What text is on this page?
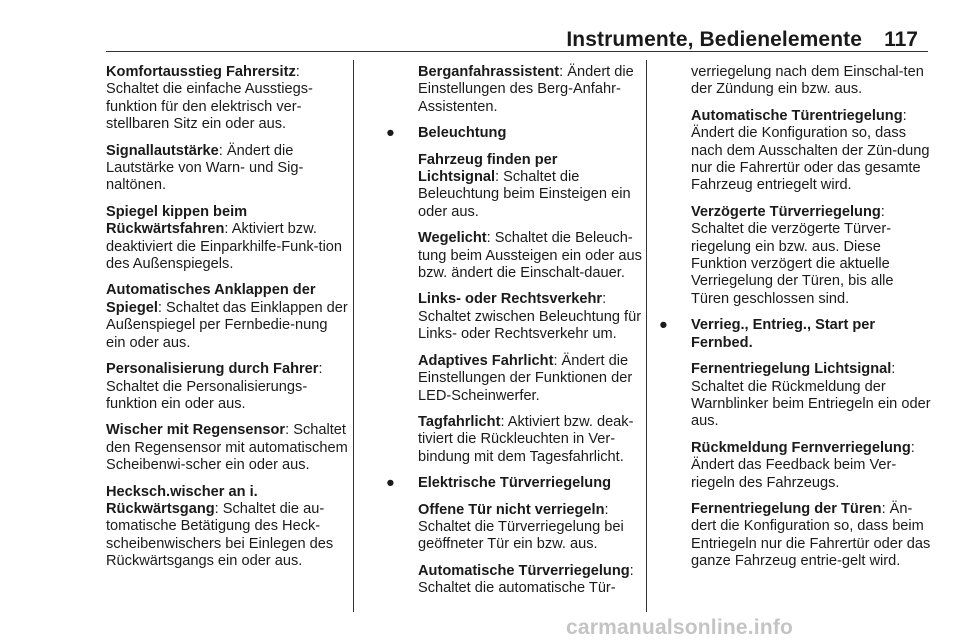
Instrumente, Bedienelemente 117

Komfortausstieg Fahrersitz: Schaltet die einfache Ausstiegs-funktion für den elektrisch ver-stellbaren Sitz ein oder aus.

Signallautstärke: Ändert die Lautstärke von Warn- und Sig-naltönen.

Spiegel kippen beim Rückwärtsfahren: Aktiviert bzw. deaktiviert die Einparkhilfe-Funk-tion des Außenspiegels.

Automatisches Anklappen der Spiegel: Schaltet das Einklappen der Außenspiegel per Fernbedie-nung ein oder aus.

Personalisierung durch Fahrer: Schaltet die Personalisierungs-funktion ein oder aus.

Wischer mit Regensensor: Schaltet den Regensensor mit automatischem Scheibenwi-scher ein oder aus.

Hecksch.wischer an i. Rückwärtsgang: Schaltet die au-tomatische Betätigung des Heck-scheibenwischers bei Einlegen des Rückwärtsgangs ein oder aus.

Berganfahrassistent: Ändert die Einstellungen des Berg-Anfahr-Assistenten.

● Beleuchtung

Fahrzeug finden per Lichtsignal: Schaltet die Beleuchtung beim Einsteigen ein oder aus.

Wegelicht: Schaltet die Beleuch-tung beim Aussteigen ein oder aus bzw. ändert die Einschalt-dauer.

Links- oder Rechtsverkehr: Schaltet zwischen Beleuchtung für Links- oder Rechtsverkehr um.

Adaptives Fahrlicht: Ändert die Einstellungen der Funktionen der LED-Scheinwerfer.

Tagfahrlicht: Aktiviert bzw. deak-tiviert die Rückleuchten in Ver-bindung mit dem Tagesfahrlicht.

● Elektrische Türverriegelung

Offene Tür nicht verriegeln: Schaltet die Türverriegelung bei geöffneter Tür ein bzw. aus.

Automatische Türverriegelung: Schaltet die automatische Tür-

verriegelung nach dem Einschal-ten der Zündung ein bzw. aus.

Automatische Türentriegelung: Ändert die Konfiguration so, dass nach dem Ausschalten der Zün-dung nur die Fahrertür oder das gesamte Fahrzeug entriegelt wird.

Verzögerte Türverriegelung: Schaltet die verzögerte Türver-riegelung ein bzw. aus. Diese Funktion verzögert die aktuelle Verriegelung der Türen, bis alle Türen geschlossen sind.

● Verrieg., Entrieg., Start per Fernbed.

Fernentriegelung Lichtsignal: Schaltet die Rückmeldung der Warnblinker beim Entriegeln ein oder aus.

Rückmeldung Fernverriegelung: Ändert das Feedback beim Ver-riegeln des Fahrzeugs.

Fernentriegelung der Türen: Än-dert die Konfiguration so, dass beim Entriegeln nur die Fahrertür oder das ganze Fahrzeug entrie-gelt wird.

carmanualsonline.info
